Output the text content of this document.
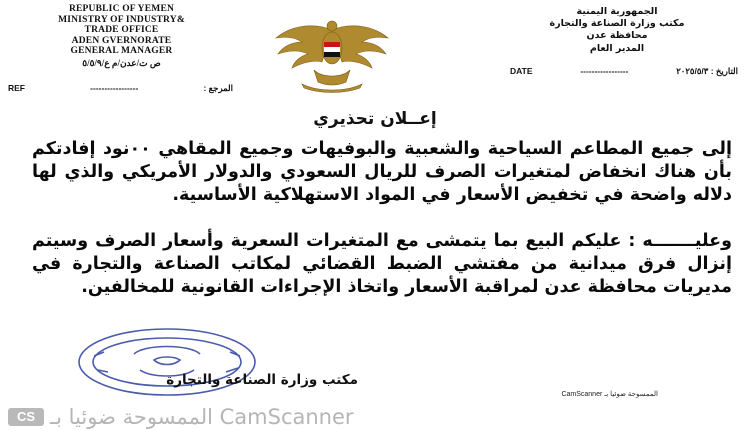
REPUBLIC OF YEMEN
MINISTRY OF INDUSTRY&
TRADE OFFICE
ADEN GVERNORATE
GENERAL MANAGER
ص ت/عدن/م ع/٥/٥/٩
REF	-----------------	المرجع :
الجمهورية اليمنية
مكتب وزارة الصناعة والتجارة
محافظة عدن
المدير العام
DATE	-----------------	التاريخ : ٢٠٢٥/٥/٣
إعــلان تحذيري
إلى جميع المطاعم السياحية والشعبية والبوفيهات وجميع المقاهي ٠٠نود إفادتكم بأن هناك انخفاض لمتغيرات الصرف للريال السعودي والدولار الأمريكي والذي لها دلاله واضحة في تخفيض الأسعار في المواد الاستهلاكية الأساسية.
وعليـــــــه : عليكم البيع بما يتمشى مع المتغيرات السعرية وأسعار الصرف وسيتم إنزال فرق ميدانية من مفتشي الضبط القضائي لمكاتب الصناعة والتجارة في مديريات محافظة عدن لمراقبة الأسعار واتخاذ الإجراءات القانونية للمخالفين.
مكتب وزارة الصناعة والتجارة
الممسوحة ضوئيا بـ CamScanner
CS الممسوحة ضوئيا بـ CamScanner
